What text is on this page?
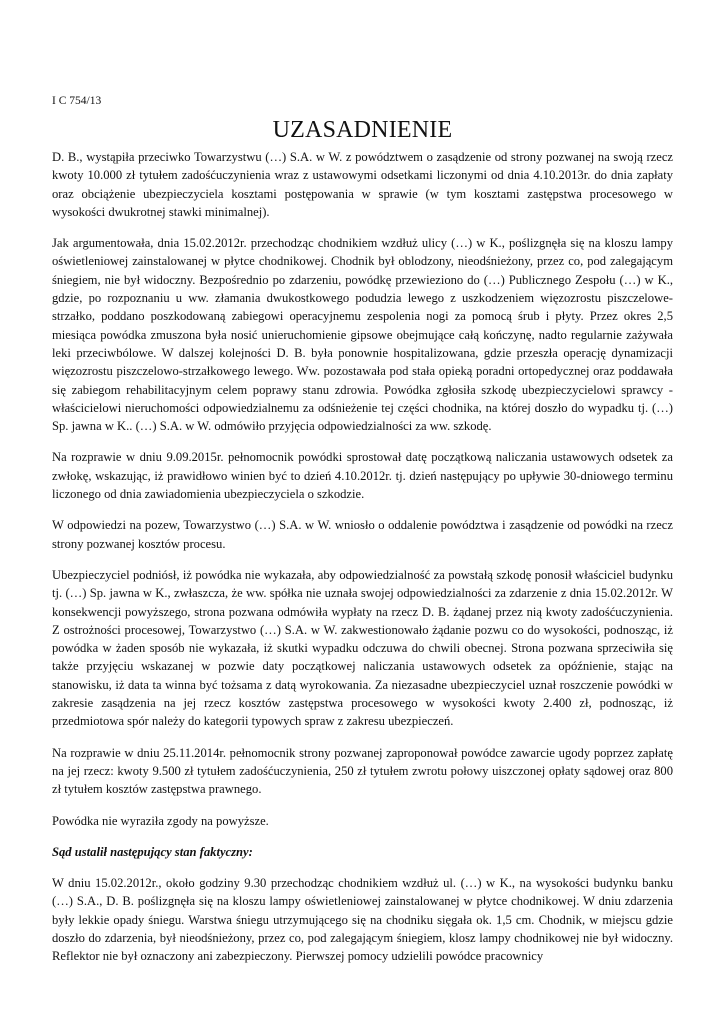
I C 754/13

UZASADNIENIE

D. B., wystąpiła przeciwko Towarzystwu (…) S.A. w W. z powództwem o zasądzenie od strony pozwanej na swoją rzecz kwoty 10.000 zł tytułem zadośćuczynienia wraz z ustawowymi odsetkami liczonymi od dnia 4.10.2013r. do dnia zapłaty oraz obciążenie ubezpieczyciela kosztami postępowania w sprawie (w tym kosztami zastępstwa procesowego w wysokości dwukrotnej stawki minimalnej).

Jak argumentowała, dnia 15.02.2012r. przechodząc chodnikiem wzdłuż ulicy (…) w K., poślizgnęła się na kloszu lampy oświetleniowej zainstalowanej w płytce chodnikowej. Chodnik był oblodzony, nieodśnieżony, przez co, pod zalegającym śniegiem, nie był widoczny. Bezpośrednio po zdarzeniu, powódkę przewieziono do (…) Publicznego Zespołu (…) w K., gdzie, po rozpoznaniu u ww. złamania dwukostkowego podudzia lewego z uszkodzeniem więzozrostu piszczelowe-strzałko, poddano poszkodowaną zabiegowi operacyjnemu zespolenia nogi za pomocą śrub i płyty. Przez okres 2,5 miesiąca powódka zmuszona była nosić unieruchomienie gipsowe obejmujące całą kończynę, nadto regularnie zażywała leki przeciwbólowe. W dalszej kolejności D. B. była ponownie hospitalizowana, gdzie przeszła operację dynamizacji więzozrostu piszczelowo-strzałkowego lewego. Ww. pozostawała pod stała opieką poradni ortopedycznej oraz poddawała się zabiegom rehabilitacyjnym celem poprawy stanu zdrowia. Powódka zgłosiła szkodę ubezpieczycielowi sprawcy - właścicielowi nieruchomości odpowiedzialnemu za odśnieżenie tej części chodnika, na której doszło do wypadku tj. (…) Sp. jawna w K.. (…) S.A. w W. odmówiło przyjęcia odpowiedzialności za ww. szkodę.

Na rozprawie w dniu 9.09.2015r. pełnomocnik powódki sprostował datę początkową naliczania ustawowych odsetek za zwłokę, wskazując, iż prawidłowo winien być to dzień 4.10.2012r. tj. dzień następujący po upływie 30-dniowego terminu liczonego od dnia zawiadomienia ubezpieczyciela o szkodzie.

W odpowiedzi na pozew, Towarzystwo (…) S.A. w W. wniosło o oddalenie powództwa i zasądzenie od powódki na rzecz strony pozwanej kosztów procesu.

Ubezpieczyciel podniósł, iż powódka nie wykazała, aby odpowiedzialność za powstałą szkodę ponosił właściciel budynku tj. (…) Sp. jawna w K., zwłaszcza, że ww. spółka nie uznała swojej odpowiedzialności za zdarzenie z dnia 15.02.2012r. W konsekwencji powyższego, strona pozwana odmówiła wypłaty na rzecz D. B. żądanej przez nią kwoty zadośćuczynienia. Z ostrożności procesowej, Towarzystwo (…) S.A. w W. zakwestionowało żądanie pozwu co do wysokości, podnosząc, iż powódka w żaden sposób nie wykazała, iż skutki wypadku odczuwa do chwili obecnej. Strona pozwana sprzeciwiła się także przyjęciu wskazanej w pozwie daty początkowej naliczania ustawowych odsetek za opóźnienie, stając na stanowisku, iż data ta winna być tożsama z datą wyrokowania. Za niezasadne ubezpieczyciel uznał roszczenie powódki w zakresie zasądzenia na jej rzecz kosztów zastępstwa procesowego w wysokości kwoty 2.400 zł, podnosząc, iż przedmiotowa spór należy do kategorii typowych spraw z zakresu ubezpieczeń.

Na rozprawie w dniu 25.11.2014r. pełnomocnik strony pozwanej zaproponował powódce zawarcie ugody poprzez zapłatę na jej rzecz: kwoty 9.500 zł tytułem zadośćuczynienia, 250 zł tytułem zwrotu połowy uiszczonej opłaty sądowej oraz 800 zł tytułem kosztów zastępstwa prawnego.

Powódka nie wyraziła zgody na powyższe.

Sąd ustalił następujący stan faktyczny:

W dniu 15.02.2012r., około godziny 9.30 przechodząc chodnikiem wzdłuż ul. (…) w K., na wysokości budynku banku (…) S.A., D. B. poślizgnęła się na kloszu lampy oświetleniowej zainstalowanej w płytce chodnikowej. W dniu zdarzenia były lekkie opady śniegu. Warstwa śniegu utrzymującego się na chodniku sięgała ok. 1,5 cm. Chodnik, w miejscu gdzie doszło do zdarzenia, był nieodśnieżony, przez co, pod zalegającym śniegiem, klosz lampy chodnikowej nie był widoczny. Reflektor nie był oznaczony ani zabezpieczony. Pierwszej pomocy udzielili powódce pracownicy
